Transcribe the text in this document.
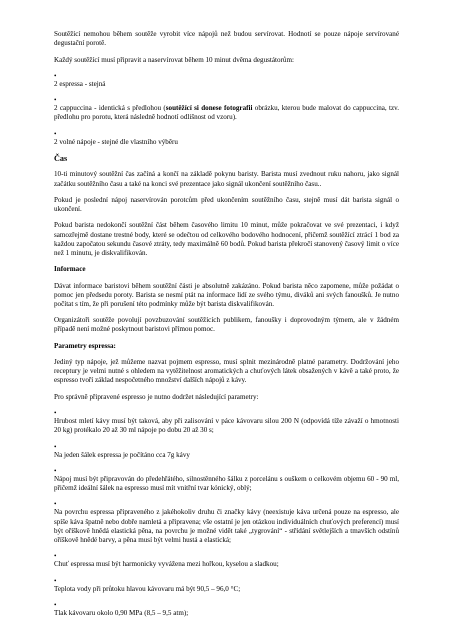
Soutěžící nemohou během soutěže vyrobit více nápojů než budou servírovat. Hodnotí se pouze nápoje servírované degustační porotě.

Každý soutěžící musí připravit a naservírovat během 10 minut dvěma degustátorům:

•
2 espressa - stejná
•
2 cappuccina - identická s předlohou (soutěžící si donese fotografii obrázku, kterou bude malovat do cappuccina, tzv. předlohu pro porotu, která následně hodnotí odlišnost od vzoru).
•
2 volné nápoje - stejné dle vlastního výběru
Čas

10-ti minutový soutěžní čas začíná a končí na základě pokynu baristy. Barista musí zvednout ruku nahoru, jako signál začátku soutěžního času a také na konci své prezentace jako signál ukončení soutěžního času..

Pokud je poslední nápoj naservírován porotcům před ukončením soutěžního času, stejně musí dát barista signál o ukončení.

Pokud barista nedokončí soutěžní část během časového limitu 10 minut, může pokračovat ve své prezentaci, i když samozřejmě dostane trestné body, které se odečtou od celkového bodového hodnocení, přičemž soutěžící ztrácí 1 bod za každou započatou sekundu časové ztráty, tedy maximálně 60 bodů. Pokud barista překročí stanovený časový limit o více než 1 minutu, je diskvalifikován.

Informace

Dávat informace baristovi během soutěžní části je absolutně zakázáno. Pokud barista něco zapomene, může požádat o pomoc jen předsedu poroty. Barista se nesmí ptát na informace lidí ze svého týmu, diváků ani svých fanoušků. Je nutno počítat s tím, že při porušení této podmínky může být barista diskvalifikován.

Organizátoři soutěže povolují povzbuzování soutěžících publikem, fanoušky i doprovodným týmem, ale v žádném případě není možné poskytnout baristovi přímou pomoc.

Parametry espressa:

Jediný typ nápoje, jež můžeme nazvat pojmem espresso, musí splnit mezinárodně platné parametry. Dodržování jeho receptury je velmi nutné s ohledem na vytěžitelnost aromatických a chuťových látek obsažených v kávě a také proto, že espresso tvoří základ nespočetného množství dalších nápojů z kávy.

Pro správně připravené espresso je nutno dodržet následující parametry:

•
Hrubost mletí kávy musí být taková, aby při zalisování v páce kávovaru silou 200 N (odpovídá tíže závaží o hmotnosti 20 kg) protékalo 20 až 30 ml nápoje po dobu 20 až 30 s;
•
Na jeden šálek espressa je počítáno cca 7g kávy
•
Nápoj musí být připravován do předehřátého, silnostěnného šálku z porcelánu s ouškem o celkovém objemu 60 - 90 ml, přičemž ideální šálek na espresso musí mít vnitřní tvar kónický, oblý;
•
Na povrchu espressa připraveného z jakéhokoliv druhu či značky kávy (neexistuje káva určená pouze na espresso, ale spíše káva špatně nebo dobře namletá a připravena; vše ostatní je jen otázkou individuálních chuťových preferencí) musí být oříškově hnědá elastická pěna, na povrchu je možné vidět také „tygrování“ - střídání světlejších a tmavších odstínů oříškově hnědé barvy, a pěna musí být velmi hustá a elastická;
•
Chuť espressa musí být harmonicky vyvážena mezi hořkou, kyselou a sladkou;
•
Teplota vody při průtoku hlavou kávovaru má být 90,5 – 96,0 °C;
•
Tlak kávovaru okolo 0,90 MPa (8,5 – 9,5 atm);
